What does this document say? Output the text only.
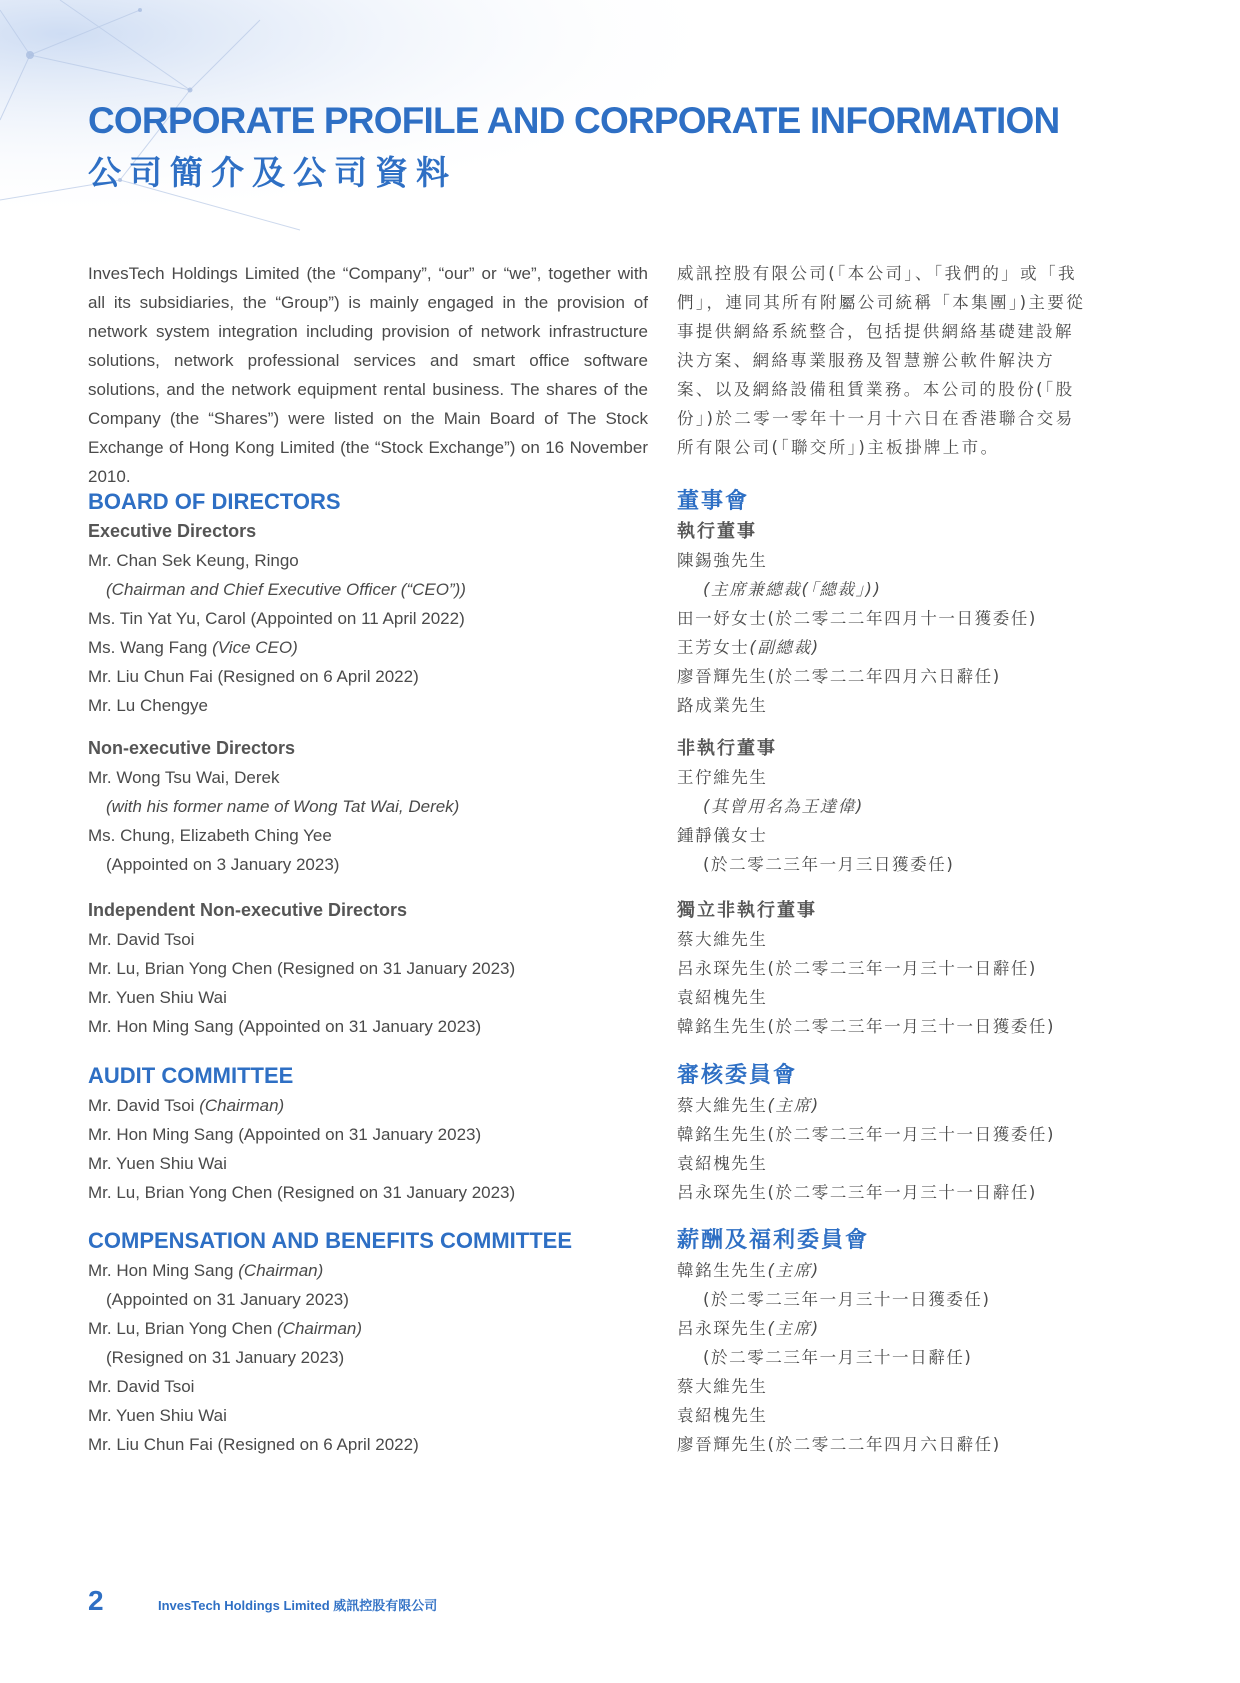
CORPORATE PROFILE AND CORPORATE INFORMATION
公司簡介及公司資料

InvesTech Holdings Limited (the “Company”, “our” or “we”, together with all its subsidiaries, the “Group”) is mainly engaged in the provision of network system integration including provision of network infrastructure solutions, network professional services and smart office software solutions, and the network equipment rental business. The shares of the Company (the “Shares”) were listed on the Main Board of The Stock Exchange of Hong Kong Limited (the “Stock Exchange”) on 16 November 2010.

威訊控股有限公司(「本公司」、「我們的」或「我們」，連同其所有附屬公司統稱「本集團」)主要從事提供網絡系統整合，包括提供網絡基礎建設解決方案、網絡專業服務及智慧辦公軟件解決方案、以及網絡設備租賃業務。本公司的股份(「股份」)於二零一零年十一月十六日在香港聯合交易所有限公司(「聯交所」)主板掛牌上市。

BOARD OF DIRECTORS
Executive Directors
Mr. Chan Sek Keung, Ringo
(Chairman and Chief Executive Officer (“CEO”))
Ms. Tin Yat Yu, Carol (Appointed on 11 April 2022)
Ms. Wang Fang (Vice CEO)
Mr. Liu Chun Fai (Resigned on 6 April 2022)
Mr. Lu Chengye
Non-executive Directors
Mr. Wong Tsu Wai, Derek
(with his former name of Wong Tat Wai, Derek)
Ms. Chung, Elizabeth Ching Yee
(Appointed on 3 January 2023)
Independent Non-executive Directors
Mr. David Tsoi
Mr. Lu, Brian Yong Chen (Resigned on 31 January 2023)
Mr. Yuen Shiu Wai
Mr. Hon Ming Sang (Appointed on 31 January 2023)
AUDIT COMMITTEE
Mr. David Tsoi (Chairman)
Mr. Hon Ming Sang (Appointed on 31 January 2023)
Mr. Yuen Shiu Wai
Mr. Lu, Brian Yong Chen (Resigned on 31 January 2023)
COMPENSATION AND BENEFITS COMMITTEE
Mr. Hon Ming Sang (Chairman)
(Appointed on 31 January 2023)
Mr. Lu, Brian Yong Chen (Chairman)
(Resigned on 31 January 2023)
Mr. David Tsoi
Mr. Yuen Shiu Wai
Mr. Liu Chun Fai (Resigned on 6 April 2022)
董事會
執行董事
陳錫強先生
(主席兼總裁(「總裁」))
田一妤女士(於二零二二年四月十一日獲委任)
王芳女士(副總裁)
廖晉輝先生(於二零二二年四月六日辭任)
路成業先生
非執行董事
王佇維先生
(其曾用名為王達偉)
鍾靜儀女士
(於二零二三年一月三日獲委任)
獨立非執行董事
蔡大維先生
呂永琛先生(於二零二三年一月三十一日辭任)
袁紹槐先生
韓銘生先生(於二零二三年一月三十一日獲委任)
審核委員會
蔡大維先生(主席)
韓銘生先生(於二零二三年一月三十一日獲委任)
袁紹槐先生
呂永琛先生(於二零二三年一月三十一日辭任)
薪酬及福利委員會
韓銘生先生(主席)
(於二零二三年一月三十一日獲委任)
呂永琛先生(主席)
(於二零二三年一月三十一日辭任)
蔡大維先生
袁紹槐先生
廖晉輝先生(於二零二二年四月六日辭任)
2	InvesTech Holdings Limited 威訊控股有限公司
